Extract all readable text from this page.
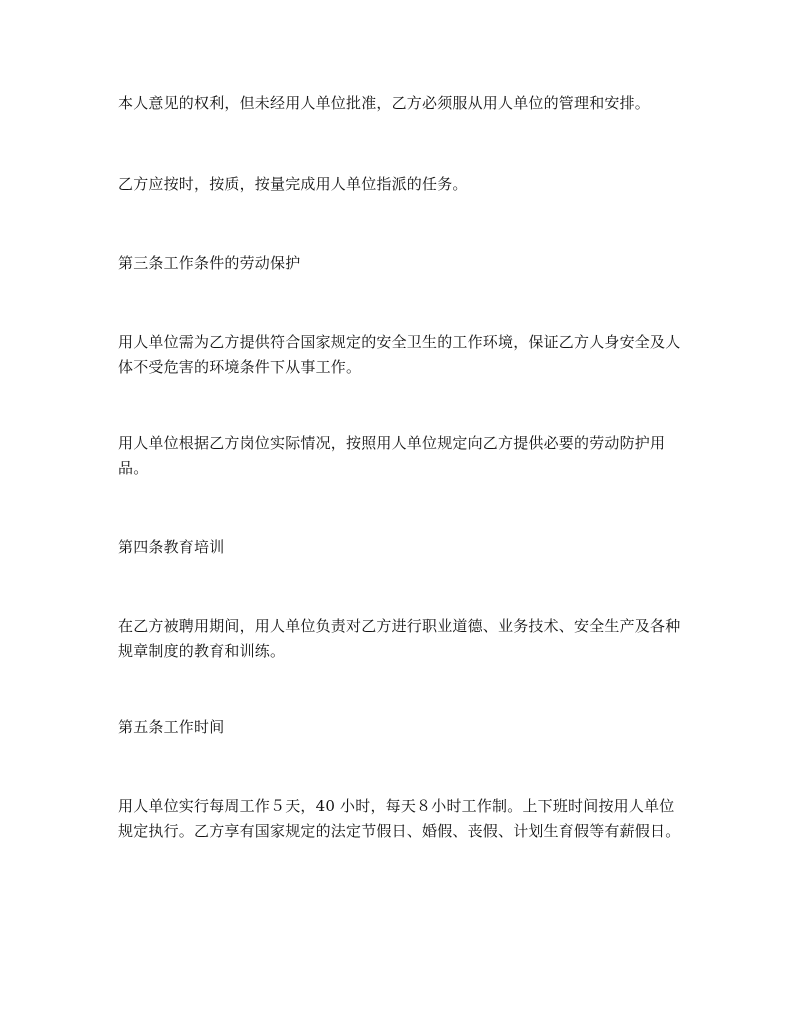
本人意见的权利，但未经用人单位批准，乙方必须服从用人单位的管理和安排。

乙方应按时，按质，按量完成用人单位指派的任务。

第三条工作条件的劳动保护

用人单位需为乙方提供符合国家规定的安全卫生的工作环境，保证乙方人身安全及人体不受危害的环境条件下从事工作。

用人单位根据乙方岗位实际情况，按照用人单位规定向乙方提供必要的劳动防护用品。

第四条教育培训

在乙方被聘用期间，用人单位负责对乙方进行职业道德、业务技术、安全生产及各种规章制度的教育和训练。

第五条工作时间

用人单位实行每周工作５天，40 小时，每天８小时工作制。上下班时间按用人单位规定执行。乙方享有国家规定的法定节假日、婚假、丧假、计划生育假等有薪假日。
